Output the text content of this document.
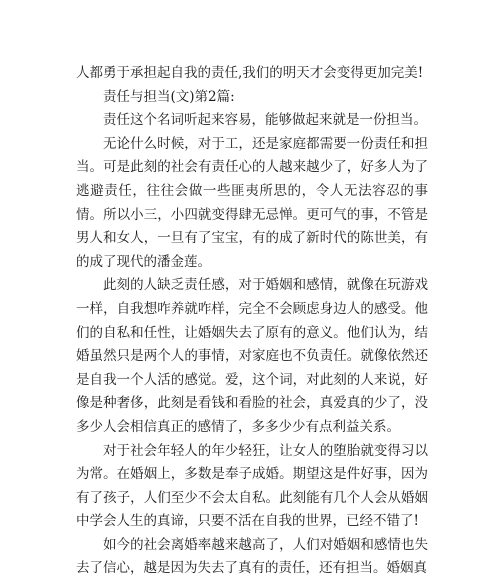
人都勇于承担起自我的责任,我们的明天才会变得更加完美!

责任与担当(文)第2篇:

责任这个名词听起来容易，能够做起来就是一份担当。

无论什么时候，对于工，还是家庭都需要一份责任和担当。可是此刻的社会有责任心的人越来越少了，好多人为了逃避责任，往往会做一些匪夷所思的，令人无法容忍的事情。所以小三，小四就变得肆无忌惮。更可气的事，不管是男人和女人，一旦有了宝宝，有的成了新时代的陈世美，有的成了现代的潘金莲。

此刻的人缺乏责任感，对于婚姻和感情，就像在玩游戏一样，自我想咋养就咋样，完全不会顾虑身边人的感受。他们的自私和任性，让婚姻失去了原有的意义。他们认为，结婚虽然只是两个人的事情，对家庭也不负责任。就像依然还是自我一个人活的感觉。爱，这个词，对此刻的人来说，好像是种奢侈，此刻是看钱和看脸的社会，真爱真的少了，没多少人会相信真正的感情了，多多少少有点利益关系。

对于社会年轻人的年少轻狂，让女人的堕胎就变得习以为常。在婚姻上，多数是奉子成婚。期望这是件好事，因为有了孩子，人们至少不会太自私。此刻能有几个人会从婚姻中学会人生的真谛，只要不活在自我的世界，已经不错了!

如今的社会离婚率越来越高了，人们对婚姻和感情也失去了信心，越是因为失去了真有的责任，还有担当。婚姻真
